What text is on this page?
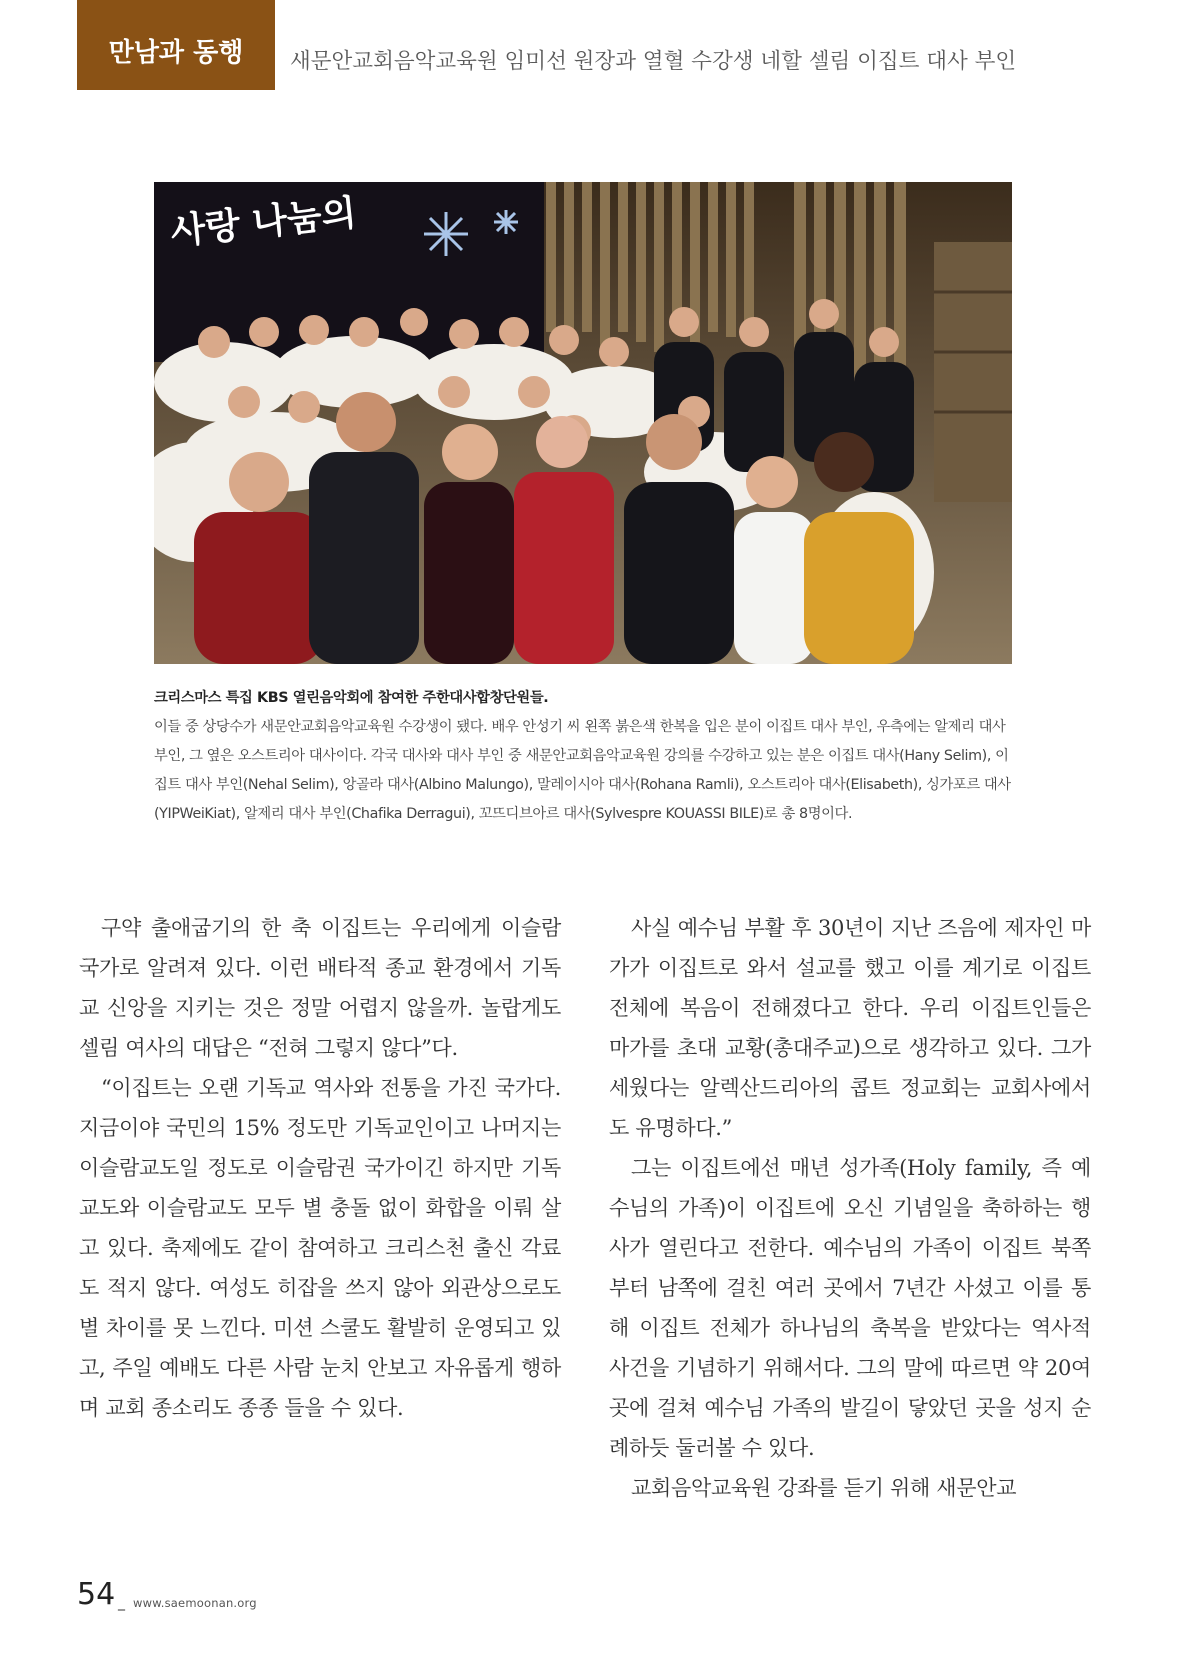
만남과 동행	새문안교회음악교육원 임미선 원장과 열혈 수강생 네할 셀림 이집트 대사 부인
사랑 나눔의

크리스마스 특집 KBS 열린음악회에 참여한 주한대사합창단원들.

이들 중 상당수가 새문안교회음악교육원 수강생이 됐다. 배우 안성기 씨 왼쪽 붉은색 한복을 입은 분이 이집트 대사 부인, 우측에는 알제리 대사 부인, 그 옆은 오스트리아 대사이다. 각국 대사와 대사 부인 중 새문안교회음악교육원 강의를 수강하고 있는 분은 이집트 대사(Hany Selim), 이집트 대사 부인(Nehal Selim), 앙골라 대사(Albino Malungo), 말레이시아 대사(Rohana Ramli), 오스트리아 대사(Elisabeth), 싱가포르 대사(YIPWeiKiat), 알제리 대사 부인(Chafika Derragui), 꼬뜨디브아르 대사(Sylvespre KOUASSI BILE)로 총 8명이다.

구약 출애굽기의 한 축 이집트는 우리에게 이슬람 국가로 알려져 있다. 이런 배타적 종교 환경에서 기독교 신앙을 지키는 것은 정말 어렵지 않을까. 놀랍게도 셀림 여사의 대답은 “전혀 그렇지 않다”다.

“이집트는 오랜 기독교 역사와 전통을 가진 국가다. 지금이야 국민의 15% 정도만 기독교인이고 나머지는 이슬람교도일 정도로 이슬람권 국가이긴 하지만 기독교도와 이슬람교도 모두 별 충돌 없이 화합을 이뤄 살고 있다. 축제에도 같이 참여하고 크리스천 출신 각료도 적지 않다. 여성도 히잡을 쓰지 않아 외관상으로도 별 차이를 못 느낀다. 미션 스쿨도 활발히 운영되고 있고, 주일 예배도 다른 사람 눈치 안보고 자유롭게 행하며 교회 종소리도 종종 들을 수 있다.

사실 예수님 부활 후 30년이 지난 즈음에 제자인 마가가 이집트로 와서 설교를 했고 이를 계기로 이집트 전체에 복음이 전해졌다고 한다. 우리 이집트인들은 마가를 초대 교황(총대주교)으로 생각하고 있다. 그가 세웠다는 알렉산드리아의 콥트 정교회는 교회사에서도 유명하다.”

그는 이집트에선 매년 성가족(Holy family, 즉 예수님의 가족)이 이집트에 오신 기념일을 축하하는 행사가 열린다고 전한다. 예수님의 가족이 이집트 북쪽부터 남쪽에 걸친 여러 곳에서 7년간 사셨고 이를 통해 이집트 전체가 하나님의 축복을 받았다는 역사적 사건을 기념하기 위해서다. 그의 말에 따르면 약 20여 곳에 걸쳐 예수님 가족의 발길이 닿았던 곳을 성지 순례하듯 둘러볼 수 있다.

교회음악교육원 강좌를 듣기 위해 새문안교

54 _ www.saemoonan.org
